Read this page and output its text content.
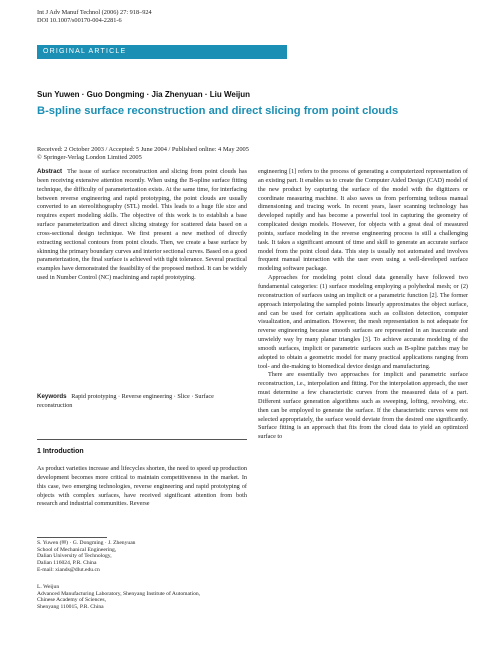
Int J Adv Manuf Technol (2006) 27: 918–924
DOI 10.1007/s00170-004-2281-6
ORIGINAL ARTICLE
Sun Yuwen · Guo Dongming · Jia Zhenyuan · Liu Weijun
B-spline surface reconstruction and direct slicing from point clouds
Received: 2 October 2003 / Accepted: 5 June 2004 / Published online: 4 May 2005
© Springer-Verlag London Limited 2005

Abstract The issue of surface reconstruction and slicing from point clouds has been receiving extensive attention recently. When using the B-spline surface fitting technique, the difficulty of parameterization exists. At the same time, for interfacing between reverse engineering and rapid prototyping, the point clouds are usually converted to an stereolithography (STL) model. This leads to a huge file size and requires expert modeling skills. The objective of this work is to establish a base surface parameterization and direct slicing strategy for scattered data based on a cross-sectional design technique. We first present a new method of directly extracting sectional contours from point clouds. Then, we create a base surface by skinning the primary boundary curves and interior sectional curves. Based on a good parameterization, the final surface is achieved with tight tolerance. Several practical examples have demonstrated the feasibility of the proposed method. It can be widely used in Number Control (NC) machining and rapid prototyping.

Keywords Rapid prototyping · Reverse engineering · Slice · Surface reconstruction
1 Introduction
As product varieties increase and lifecycles shorten, the need to speed up production development becomes more critical to maintain competitiveness in the market. In this case, two emerging technologies, reverse engineering and rapid prototyping of objects with complex surfaces, have received significant attention from both research and industrial communities. Reverse
S. Yuwen (✉) · G. Dongming · J. Zhenyuan
School of Mechanical Engineering,
Dalian University of Technology,
Dalian 116024, P.R. China
E-mail: xiands@dlut.edu.cn
L. Weijun
Advanced Manufacturing Laboratory, Shenyang Institute of Automation,
Chinese Academy of Sciences,
Shenyang 110015, P.R. China

engineering [1] refers to the process of generating a computerized representation of an existing part. It enables us to create the Computer Aided Design (CAD) model of the new product by capturing the surface of the model with the digitizers or coordinate measuring machine. It also saves us from performing tedious manual dimensioning and tracing work. In recent years, laser scanning technology has developed rapidly and has become a powerful tool in capturing the geometry of complicated design models. However, for objects with a great deal of measured points, surface modeling in the reverse engineering process is still a challenging task. It takes a significant amount of time and skill to generate an accurate surface model from the point cloud data. This step is usually not automated and involves frequent manual interaction with the user even using a well-developed surface modeling software package.

Approaches for modeling point cloud data generally have followed two fundamental categories: (1) surface modeling employing a polyhedral mesh; or (2) reconstruction of surfaces using an implicit or a parametric function [2]. The former approach interpolating the sampled points linearly approximates the object surface, and can be used for certain applications such as collision detection, computer visualization, and animation. However, the mesh representation is not adequate for reverse engineering because smooth surfaces are represented in an inaccurate and unwieldy way by many planar triangles [3]. To achieve accurate modeling of the smooth surfaces, implicit or parametric surfaces such as B-spline patches may be adopted to obtain a geometric model for many practical applications ranging from tool- and die-making to biomedical device design and manufacturing.

There are essentially two approaches for implicit and parametric surface reconstruction, i.e., interpolation and fitting. For the interpolation approach, the user must determine a few characteristic curves from the measured data of a part. Different surface generation algorithms such as sweeping, lofting, revolving, etc. then can be employed to generate the surface. If the characteristic curves were not selected appropriately, the surface would deviate from the desired one significantly. Surface fitting is an approach that fits from the cloud data to yield an optimized surface to
